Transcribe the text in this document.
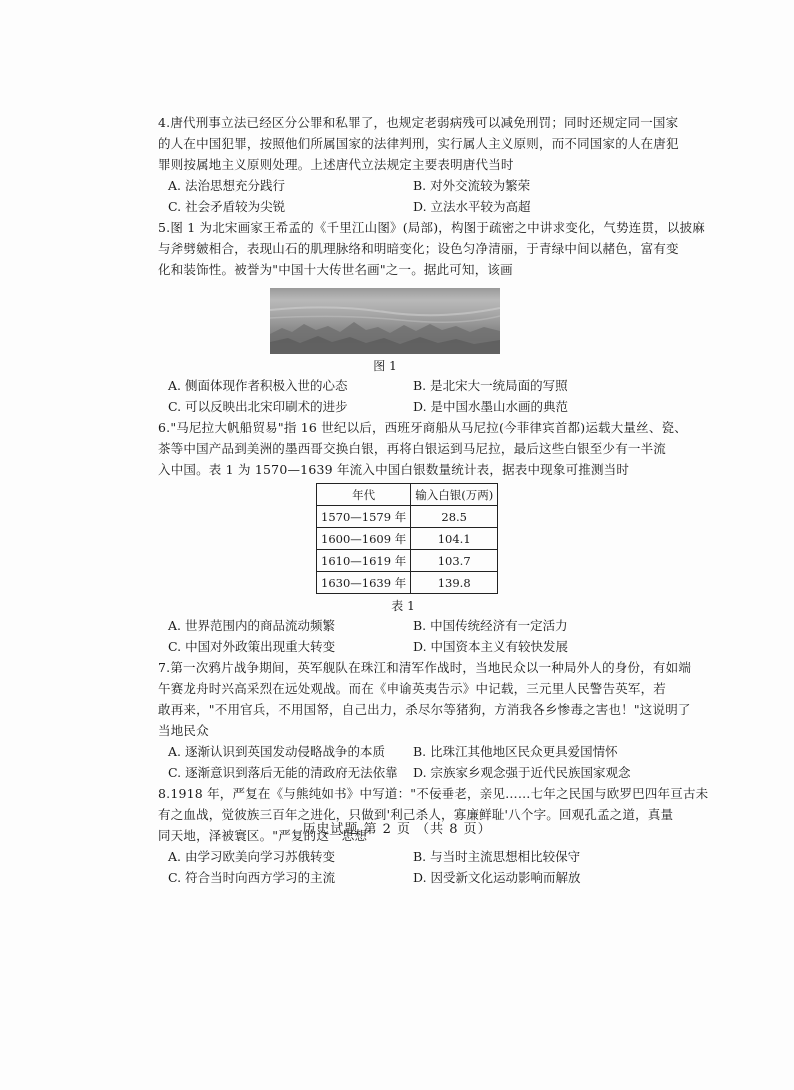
4.唐代刑事立法已经区分公罪和私罪了，也规定老弱病残可以减免刑罚；同时还规定同一国家
的人在中国犯罪，按照他们所属国家的法律判刑，实行属人主义原则，而不同国家的人在唐犯
罪则按属地主义原则处理。上述唐代立法规定主要表明唐代当时
A. 法治思想充分践行	B. 对外交流较为繁荣
C. 社会矛盾较为尖锐	D. 立法水平较为高超
5.图 1 为北宋画家王希孟的《千里江山图》(局部)，构图于疏密之中讲求变化，气势连贯，以披麻
与斧劈皴相合，表现山石的肌理脉络和明暗变化；设色匀净清丽，于青绿中间以赭色，富有变
化和装饰性。被誉为"中国十大传世名画"之一。据此可知，该画
图 1
A. 侧面体现作者积极入世的心态	B. 是北宋大一统局面的写照
C. 可以反映出北宋印刷术的进步	D. 是中国水墨山水画的典范
6."马尼拉大帆船贸易"指 16 世纪以后，西班牙商船从马尼拉(今菲律宾首都)运载大量丝、瓷、
茶等中国产品到美洲的墨西哥交换白银，再将白银运到马尼拉，最后这些白银至少有一半流
入中国。表 1 为 1570—1639 年流入中国白银数量统计表，据表中现象可推测当时
年代	输入白银(万两)
1570—1579 年	28.5
1600—1609 年	104.1
1610—1619 年	103.7
1630—1639 年	139.8
表 1
A. 世界范围内的商品流动频繁	B. 中国传统经济有一定活力
C. 中国对外政策出现重大转变	D. 中国资本主义有较快发展
7.第一次鸦片战争期间，英军舰队在珠江和清军作战时，当地民众以一种局外人的身份，有如端
午赛龙舟时兴高采烈在远处观战。而在《申谕英夷告示》中记载，三元里人民警告英军，若
敢再来，"不用官兵，不用国帑，自己出力，杀尽尔等猪狗，方消我各乡惨毒之害也！"这说明了
当地民众
A. 逐渐认识到英国发动侵略战争的本质	B. 比珠江其他地区民众更具爱国情怀
C. 逐渐意识到落后无能的清政府无法依靠	D. 宗族家乡观念强于近代民族国家观念
8.1918 年，严复在《与熊纯如书》中写道："不佞垂老，亲见……七年之民国与欧罗巴四年亘古未
有之血战，觉彼族三百年之进化，只做到'利己杀人，寡廉鲜耻'八个字。回观孔孟之道，真量
同天地，泽被寰区。"严复的这一思想
A. 由学习欧美向学习苏俄转变	B. 与当时主流思想相比较保守
C. 符合当时向西方学习的主流	D. 因受新文化运动影响而解放
历史试题 第 2 页 （共 8 页）
